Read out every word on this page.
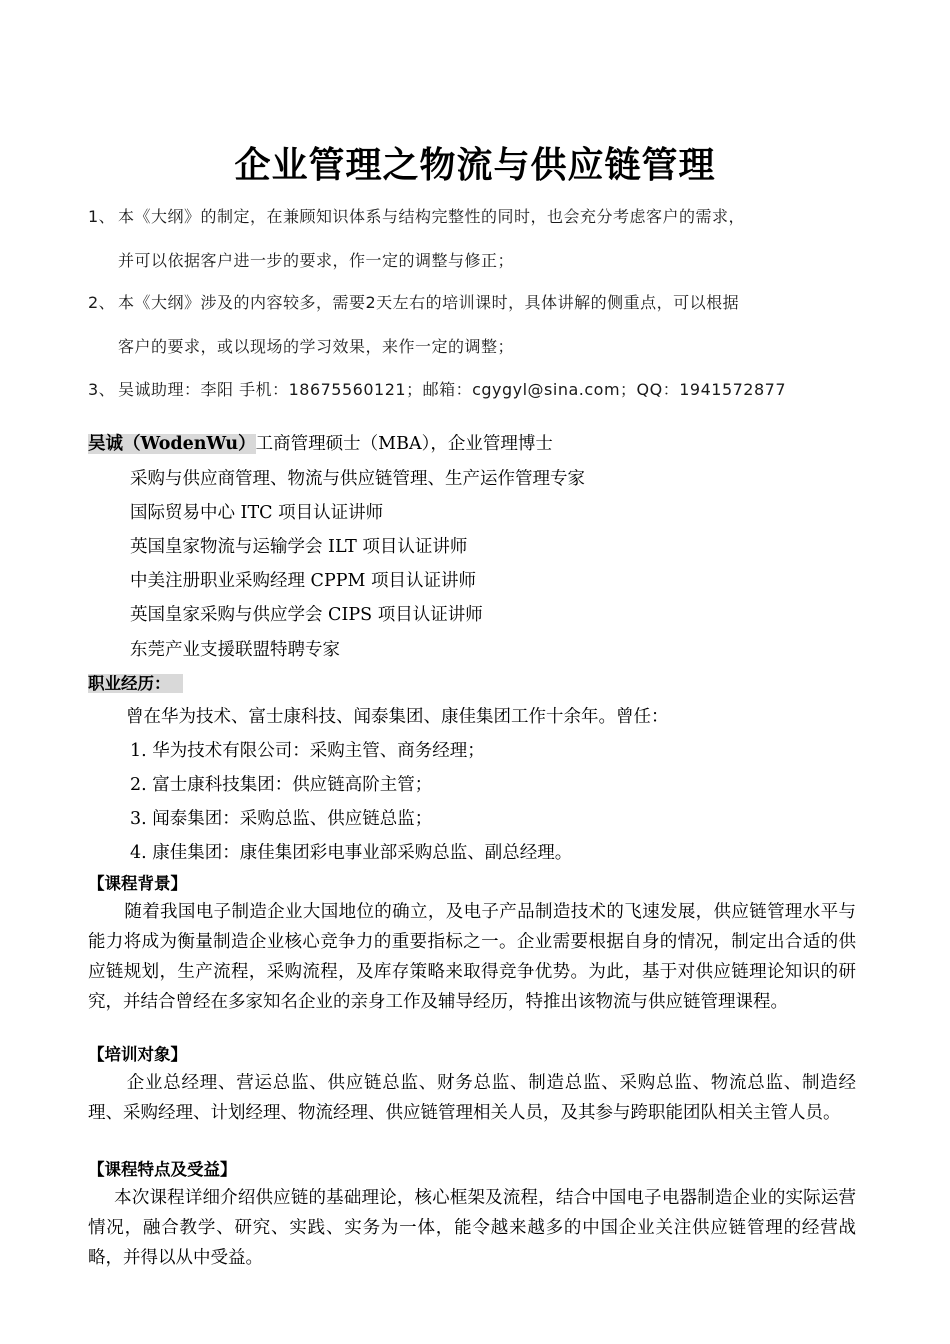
企业管理之物流与供应链管理
1、 本《大纲》的制定，在兼顾知识体系与结构完整性的同时，也会充分考虑客户的需求，
并可以依据客户进一步的要求，作一定的调整与修正；
2、 本《大纲》涉及的内容较多，需要2天左右的培训课时，具体讲解的侧重点，可以根据
客户的要求，或以现场的学习效果，来作一定的调整；
3、 吴诚助理：李阳 手机：18675560121；邮箱：cgygyl@sina.com；QQ：1941572877
吴诚（WodenWu）工商管理硕士（MBA），企业管理博士
采购与供应商管理、物流与供应链管理、生产运作管理专家
国际贸易中心 ITC 项目认证讲师
英国皇家物流与运输学会 ILT 项目认证讲师
中美注册职业采购经理 CPPM 项目认证讲师
英国皇家采购与供应学会 CIPS 项目认证讲师
东莞产业支援联盟特聘专家
职业经历：
曾在华为技术、富士康科技、闻泰集团、康佳集团工作十余年。曾任：
1. 华为技术有限公司：采购主管、商务经理；
2. 富士康科技集团：供应链高阶主管；
3. 闻泰集团：采购总监、供应链总监；
4. 康佳集团：康佳集团彩电事业部采购总监、副总经理。
【课程背景】
随着我国电子制造企业大国地位的确立，及电子产品制造技术的飞速发展，供应链管理水平与能力将成为衡量制造企业核心竞争力的重要指标之一。企业需要根据自身的情况，制定出合适的供应链规划，生产流程，采购流程，及库存策略来取得竞争优势。为此，基于对供应链理论知识的研究，并结合曾经在多家知名企业的亲身工作及辅导经历，特推出该物流与供应链管理课程。
【培训对象】
企业总经理、营运总监、供应链总监、财务总监、制造总监、采购总监、物流总监、制造经理、采购经理、计划经理、物流经理、供应链管理相关人员，及其参与跨职能团队相关主管人员。
【课程特点及受益】
本次课程详细介绍供应链的基础理论，核心框架及流程，结合中国电子电器制造企业的实际运营情况，融合教学、研究、实践、实务为一体，能令越来越多的中国企业关注供应链管理的经营战略，并得以从中受益。
